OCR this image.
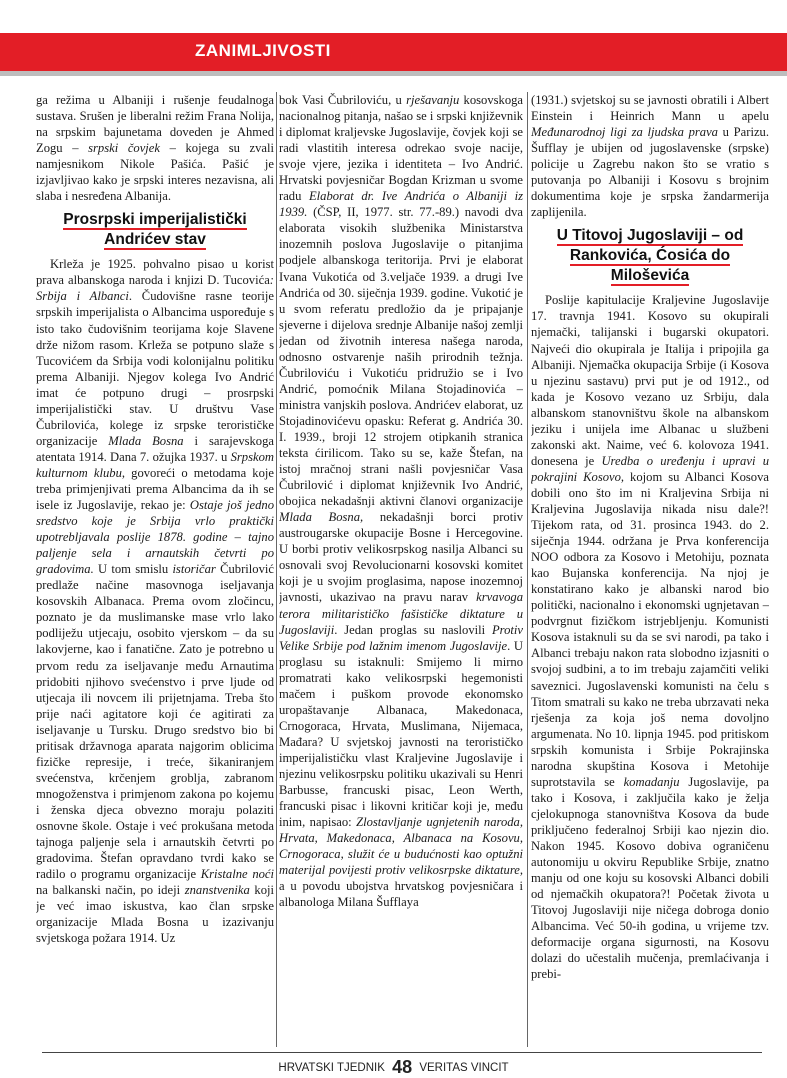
ZANIMLJIVOSTI

ga režima u Albaniji i rušenje feudalnoga sustava. Srušen je liberalni režim Frana Nolija, na srpskim bajunetama doveden je Ahmed Zogu – srpski čovjek – kojega su zvali namjesnikom Nikole Pašića. Pašić je izjavljivao kako je srpski interes nezavisna, ali slaba i nesređena Albanija.

Prosrpski imperijalistički Andrićev stav

Krleža je 1925. pohvalno pisao u korist prava albanskoga naroda i knjizi D. Tucovića: Srbija i Albanci. Čudovišne rasne teorije srpskih imperijalista o Albancima uspoređuje s isto tako čudovišnim teorijama koje Slavene drže nižom rasom. Krleža se potpuno slaže s Tucovićem da Srbija vodi kolonijalnu politiku prema Albaniji. Njegov kolega Ivo Andrić imat će potpuno drugi – prosrpski imperijalistički stav. U društvu Vase Čubrilovića, kolege iz srpske terorističke organizacije Mlada Bosna i sarajevskoga atentata 1914. Dana 7. ožujka 1937. u Srpskom kulturnom klubu, govoreći o metodama koje treba primjenjivati prema Albancima da ih se isele iz Jugoslavije, rekao je: Ostaje još jedno sredstvo koje je Srbija vrlo praktički upotrebljavala poslije 1878. godine – tajno paljenje sela i arnautskih četvrti po gradovima. U tom smislu istoričar Čubrilović predlaže načine masovnoga iseljavanja kosovskih Albanaca. Prema ovom zločincu, poznato je da muslimanske mase vrlo lako podliježu utjecaju, osobito vjerskom – da su lakovjerne, kao i fanatične. Zato je potrebno u prvom redu za iseljavanje među Arnautima pridobiti njihovo svećenstvo i prve ljude od utjecaja ili novcem ili prijetnjama. Treba što prije naći agitatore koji će agitirati za iseljavanje u Tursku. Drugo sredstvo bio bi pritisak državnoga aparata najgorim oblicima fizičke represije, i treće, šikaniranjem svećenstva, krčenjem groblja, zabranom mnogoženstva i primjenom zakona po kojemu i ženska djeca obvezno moraju polaziti osnovne škole. Ostaje i već prokušana metoda tajnoga paljenje sela i arnautskih četvrti po gradovima. Štefan opravdano tvrdi kako se radilo o programu organizacije Kristalne noći na balkanski način, po ideji znanstvenika koji je već imao iskustva, kao član srpske organizacije Mlada Bosna u izazivanju svjetskoga požara 1914. Uz

bok Vasi Čubriloviću, u rješavanju kosovskoga nacionalnog pitanja, našao se i srpski književnik i diplomat kraljevske Jugoslavije, čovjek koji se radi vlastitih interesa odrekao svoje nacije, svoje vjere, jezika i identiteta – Ivo Andrić. Hrvatski povjesničar Bogdan Krizman u svome radu Elaborat dr. Ive Andrića o Albaniji iz 1939. (ČSP, II, 1977. str. 77.-89.) navodi dva elaborata visokih službenika Ministarstva inozemnih poslova Jugoslavije o pitanjima podjele albanskoga teritorija. Prvi je elaborat Ivana Vukotića od 3.veljače 1939. a drugi Ive Andrića od 30. siječnja 1939. godine. Vukotić je u svom referatu predložio da je pripajanje sjeverne i dijelova srednje Albanije našoj zemlji jedan od životnih interesa našega naroda, odnosno ostvarenje naših prirodnih težnja. Čubriloviću i Vukotiću pridružio se i Ivo Andrić, pomoćnik Milana Stojadinovića – ministra vanjskih poslova. Andrićev elaborat, uz Stojadinovićevu opasku: Referat g. Andrića 30. I. 1939., broji 12 strojem otipkanih stranica teksta ćirilicom. Tako su se, kaže Štefan, na istoj mračnoj strani našli povjesničar Vasa Čubrilović i diplomat književnik Ivo Andrić, obojica nekadašnji aktivni članovi organizacije Mlada Bosna, nekadašnji borci protiv austrougarske okupacije Bosne i Hercegovine. U borbi protiv velikosrpskog nasilja Albanci su osnovali svoj Revolucionarni kosovski komitet koji je u svojim proglasima, napose inozemnoj javnosti, ukazivao na pravu narav krvavoga terora militarističko fašističke diktature u Jugoslaviji. Jedan proglas su naslovili Protiv Velike Srbije pod lažnim imenom Jugoslavije. U proglasu su istaknuli: Smijemo li mirno promatrati kako velikosrpski hegemonisti mačem i puškom provode ekonomsko uropaštavanje Albanaca, Makedonaca, Crnogoraca, Hrvata, Muslimana, Nijemaca, Mađara? U svjetskoj javnosti na terorističko imperijalističku vlast Kraljevine Jugoslavije i njezinu velikosrpsku politiku ukazivali su Henri Barbusse, francuski pisac, Leon Werth, francuski pisac i likovni kritičar koji je, među inim, napisao: Zlostavljanje ugnjetenih naroda, Hrvata, Makedonaca, Albanaca na Kosovu, Crnogoraca, služit će u budućnosti kao optužni materijal povijesti protiv velikosrpske diktature, a u povodu ubojstva hrvatskog povjesničara i albanologa Milana Šufflaya

(1931.) svjetskoj su se javnosti obratili i Albert Einstein i Heinrich Mann u apelu Međunarodnoj ligi za ljudska prava u Parizu. Šufflay je ubijen od jugoslavenske (srpske) policije u Zagrebu nakon što se vratio s putovanja po Albaniji i Kosovu s brojnim dokumentima koje je srpska žandarmerija zaplijenila.

U Titovoj Jugoslaviji – od Rankovića, Ćosića do Miloševića

Poslije kapitulacije Kraljevine Jugoslavije 17. travnja 1941. Kosovo su okupirali njemački, talijanski i bugarski okupatori. Najveći dio okupirala je Italija i pripojila ga Albaniji. Njemačka okupacija Srbije (i Kosova u njezinu sastavu) prvi put je od 1912., od kada je Kosovo vezano uz Srbiju, dala albanskom stanovništvu škole na albanskom jeziku i unijela ime Albanac u službeni zakonski akt. Naime, već 6. kolovoza 1941. donesena je Uredba o uređenju i upravi u pokrajini Kosovo, kojom su Albanci Kosova dobili ono što im ni Kraljevina Srbija ni Kraljevina Jugoslavija nikada nisu dale?! Tijekom rata, od 31. prosinca 1943. do 2. siječnja 1944. održana je Prva konferencija NOO odbora za Kosovo i Metohiju, poznata kao Bujanska konferencija. Na njoj je konstatirano kako je albanski narod bio politički, nacionalno i ekonomski ugnjetavan – podvrgnut fizičkom istrjebljenju. Komunisti Kosova istaknuli su da se svi narodi, pa tako i Albanci trebaju nakon rata slobodno izjasniti o svojoj sudbini, a to im trebaju zajamčiti veliki saveznici. Jugoslavenski komunisti na čelu s Titom smatrali su kako ne treba ubrzavati neka rješenja za koja još nema dovoljno argumenata. No 10. lipnja 1945. pod pritiskom srpskih komunista i Srbije Pokrajinska narodna skupština Kosova i Metohije suprotstavila se komadanju Jugoslavije, pa tako i Kosova, i zaključila kako je želja cjelokupnoga stanovništva Kosova da bude priključeno federalnoj Srbiji kao njezin dio. Nakon 1945. Kosovo dobiva ograničenu autonomiju u okviru Republike Srbije, znatno manju od one koju su kosovski Albanci dobili od njemačkih okupatora?! Početak života u Titovoj Jugoslaviji nije ničega dobroga donio Albancima. Već 50-ih godina, u vrijeme tzv. deformacije organa sigurnosti, na Kosovu dolazi do učestalih mučenja, premlaćivanja i prebi-

HRVATSKI TJEDNIK 48 VERITAS VINCIT
